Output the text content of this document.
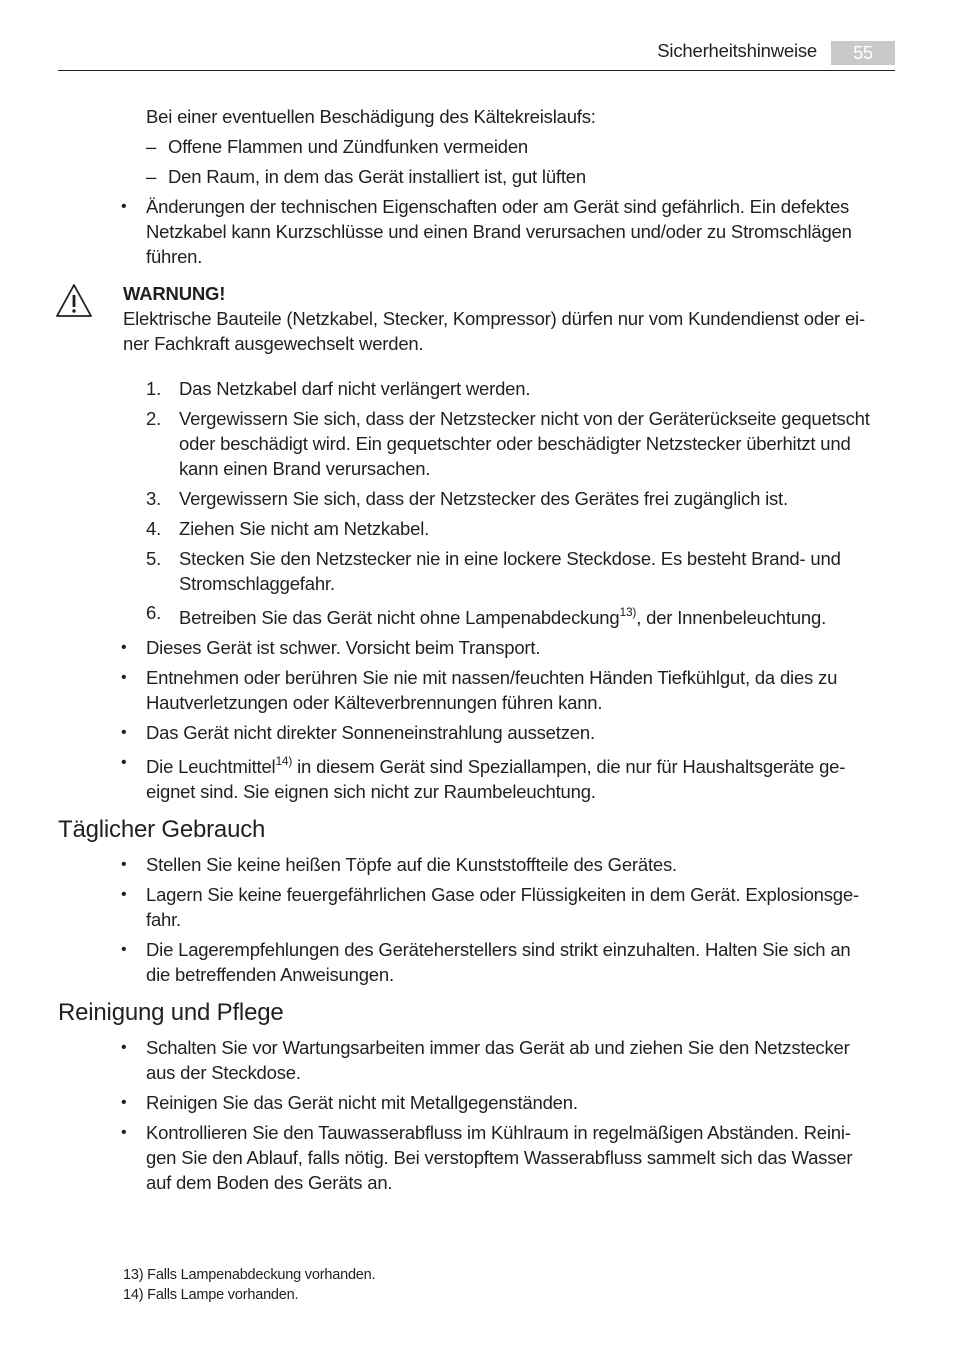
Sicherheitshinweise	55
Bei einer eventuellen Beschädigung des Kältekreislaufs:
– Offene Flammen und Zündfunken vermeiden
– Den Raum, in dem das Gerät installiert ist, gut lüften
• Änderungen der technischen Eigenschaften oder am Gerät sind gefährlich. Ein defektes
Netzkabel kann Kurzschlüsse und einen Brand verursachen und/oder zu Stromschlägen
führen.
WARNUNG!
Elektrische Bauteile (Netzkabel, Stecker, Kompressor) dürfen nur vom Kundendienst oder ei-
ner Fachkraft ausgewechselt werden.
1. Das Netzkabel darf nicht verlängert werden.
2. Vergewissern Sie sich, dass der Netzstecker nicht von der Geräterückseite gequetscht
oder beschädigt wird. Ein gequetschter oder beschädigter Netzstecker überhitzt und
kann einen Brand verursachen.
3. Vergewissern Sie sich, dass der Netzstecker des Gerätes frei zugänglich ist.
4. Ziehen Sie nicht am Netzkabel.
5. Stecken Sie den Netzstecker nie in eine lockere Steckdose. Es besteht Brand- und
Stromschlaggefahr.
6. Betreiben Sie das Gerät nicht ohne Lampenabdeckung$^{13)}$, der Innenbeleuchtung.
• Dieses Gerät ist schwer. Vorsicht beim Transport.
• Entnehmen oder berühren Sie nie mit nassen/feuchten Händen Tiefkühlgut, da dies zu
Hautverletzungen oder Kälteverbrennungen führen kann.
• Das Gerät nicht direkter Sonneneinstrahlung aussetzen.
• Die Leuchtmittel$^{14)}$ in diesem Gerät sind Speziallampen, die nur für Haushaltsgeräte ge-
eignet sind. Sie eignen sich nicht zur Raumbeleuchtung.
Täglicher Gebrauch
• Stellen Sie keine heißen Töpfe auf die Kunststoffteile des Gerätes.
• Lagern Sie keine feuergefährlichen Gase oder Flüssigkeiten in dem Gerät. Explosionsge-
fahr.
• Die Lagerempfehlungen des Geräteherstellers sind strikt einzuhalten. Halten Sie sich an
die betreffenden Anweisungen.
Reinigung und Pflege
• Schalten Sie vor Wartungsarbeiten immer das Gerät ab und ziehen Sie den Netzstecker
aus der Steckdose.
• Reinigen Sie das Gerät nicht mit Metallgegenständen.
• Kontrollieren Sie den Tauwasserabfluss im Kühlraum in regelmäßigen Abständen. Reini-
gen Sie den Ablauf, falls nötig. Bei verstopftem Wasserabfluss sammelt sich das Wasser
auf dem Boden des Geräts an.
13) Falls Lampenabdeckung vorhanden.
14) Falls Lampe vorhanden.
